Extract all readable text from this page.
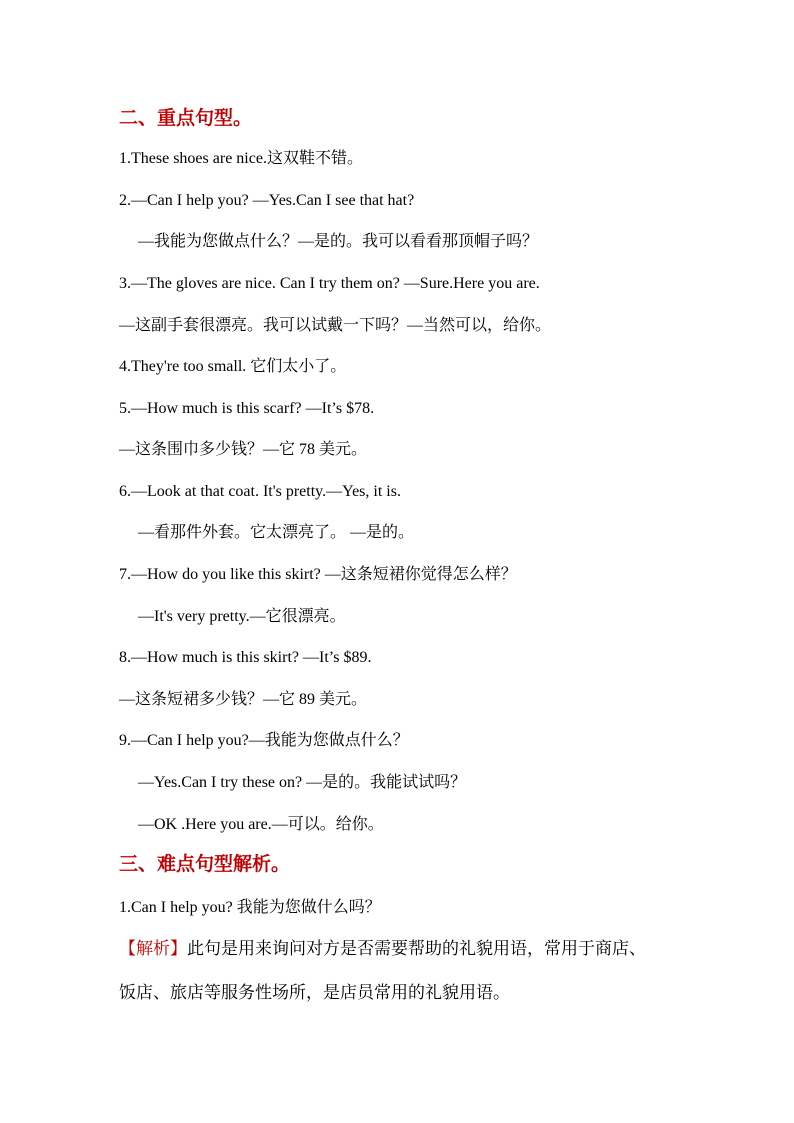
二、重点句型。
1.These shoes are nice.这双鞋不错。
2.—Can I help you? —Yes.Can I see that hat?
—我能为您做点什么？—是的。我可以看看那顶帽子吗？
3.—The gloves are nice. Can I try them on? —Sure.Here you are.
—这副手套很漂亮。我可以试戴一下吗？—当然可以，给你。
4.They're too small. 它们太小了。
5.—How much is this scarf? —It’s $78.
—这条围巾多少钱？—它 78 美元。
6.—Look at that coat. It's pretty.—Yes, it is.
—看那件外套。它太漂亮了。 —是的。
7.—How do you like this skirt? —这条短裙你觉得怎么样？
—It's very pretty.—它很漂亮。
8.—How much is this skirt? —It’s $89.
—这条短裙多少钱？—它 89 美元。
9.—Can I help you?—我能为您做点什么？
—Yes.Can I try these on? —是的。我能试试吗？
—OK .Here you are.—可以。给你。
三、难点句型解析。
1.Can I help you? 我能为您做什么吗？
【解析】此句是用来询问对方是否需要帮助的礼貌用语，常用于商店、
饭店、旅店等服务性场所，是店员常用的礼貌用语。
